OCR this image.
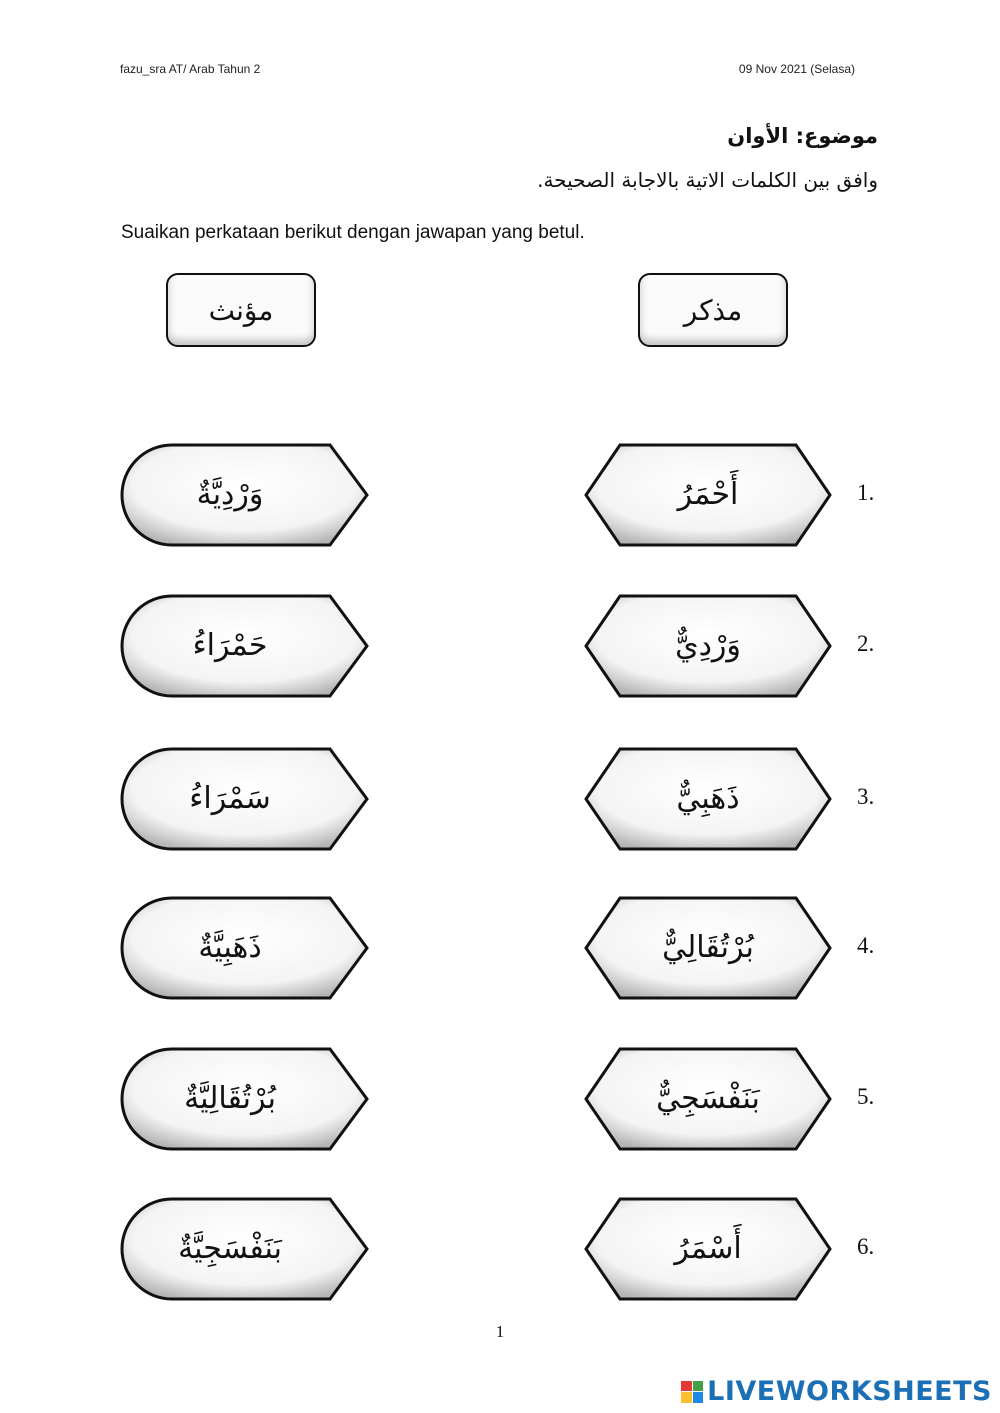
fazu_sra AT/ Arab Tahun 2	09 Nov 2021 (Selasa)
موضوع: الأوان
وافق بين الكلمات الاتية بالاجابة الصحيحة.
Suaikan perkataan berikut dengan jawapan yang betul.
مؤنث	مذكر
وَرْدِيَّةٌ	أَحْمَرُ	1.
حَمْرَاءُ	وَرْدِيٌّ	2.
سَمْرَاءُ	ذَهَبِيٌّ	3.
ذَهَبِيَّةٌ	بُرْتُقَالِيٌّ	4.
بُرْتُقَالِيَّةٌ	بَنَفْسَجِيٌّ	5.
بَنَفْسَجِيَّةٌ	أَسْمَرُ	6.
1
LIVEWORKSHEETS
